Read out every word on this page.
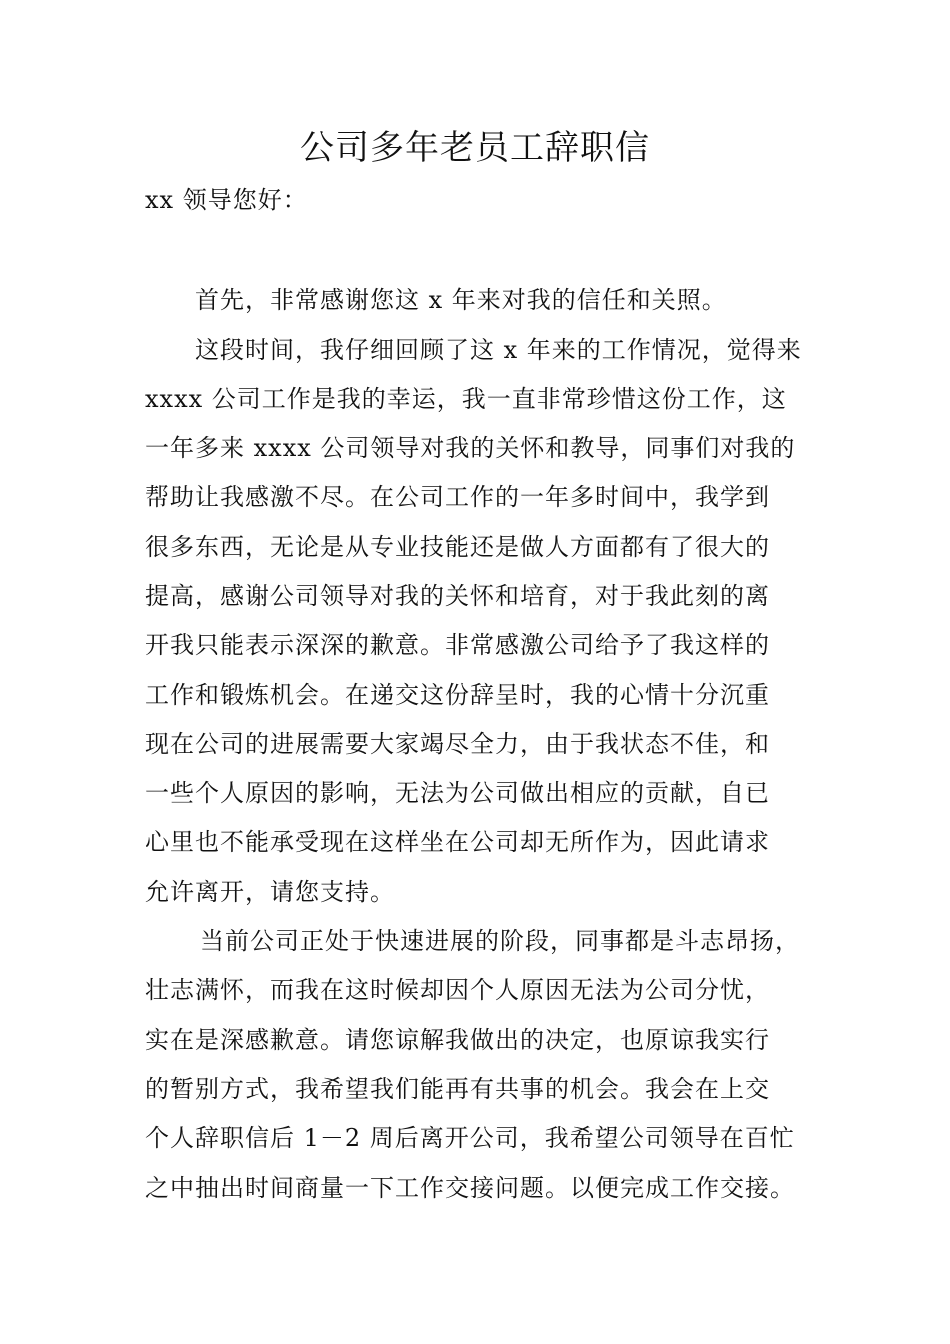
公司多年老员工辞职信

xx 领导您好：

首先，非常感谢您这 x 年来对我的信任和关照。

这段时间，我仔细回顾了这 x 年来的工作情况，觉得来

xxxx 公司工作是我的幸运，我一直非常珍惜这份工作，这

一年多来 xxxx 公司领导对我的关怀和教导，同事们对我的

帮助让我感激不尽。在公司工作的一年多时间中，我学到

很多东西，无论是从专业技能还是做人方面都有了很大的

提高，感谢公司领导对我的关怀和培育，对于我此刻的离

开我只能表示深深的歉意。非常感激公司给予了我这样的

工作和锻炼机会。在递交这份辞呈时，我的心情十分沉重

现在公司的进展需要大家竭尽全力，由于我状态不佳，和

一些个人原因的影响，无法为公司做出相应的贡献，自已

心里也不能承受现在这样坐在公司却无所作为，因此请求

允许离开，请您支持。

当前公司正处于快速进展的阶段，同事都是斗志昂扬，

壮志满怀，而我在这时候却因个人原因无法为公司分忧，

实在是深感歉意。请您谅解我做出的决定，也原谅我实行

的暂别方式，我希望我们能再有共事的机会。我会在上交

个人辞职信后 1－2 周后离开公司，我希望公司领导在百忙

之中抽出时间商量一下工作交接问题。以便完成工作交接。
